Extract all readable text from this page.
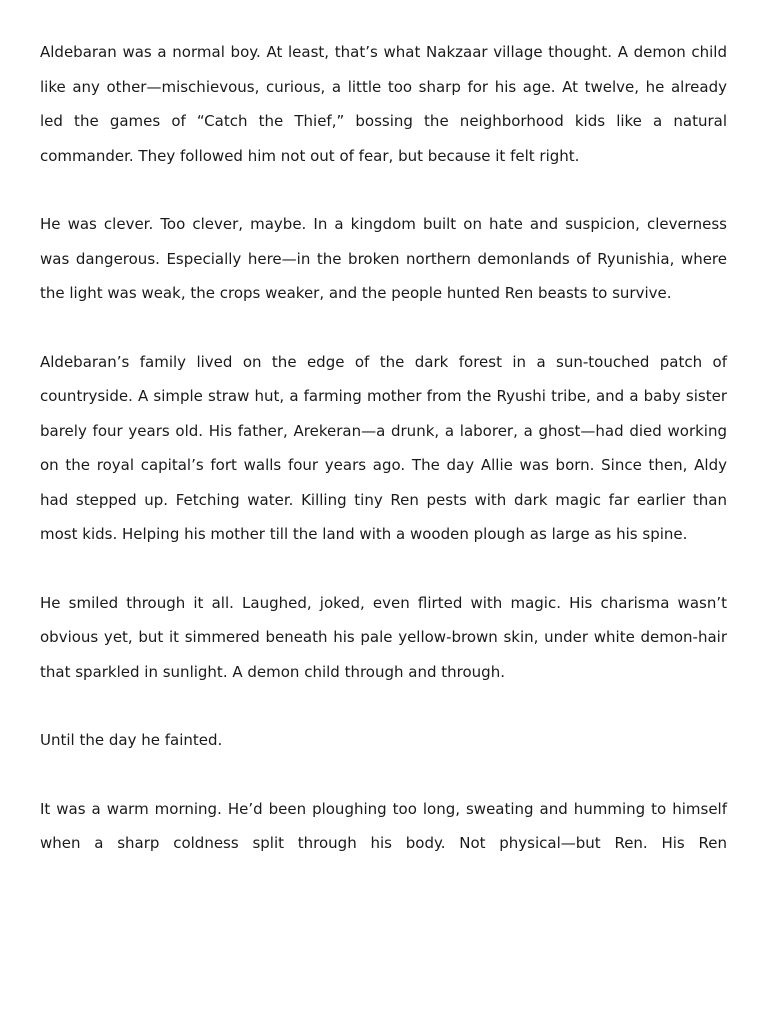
Aldebaran was a normal boy. At least, that’s what Nakzaar village thought. A demon child like any other—mischievous, curious, a little too sharp for his age. At twelve, he already led the games of “Catch the Thief,” bossing the neighborhood kids like a natural commander. They followed him not out of fear, but because it felt right.

He was clever. Too clever, maybe. In a kingdom built on hate and suspicion, cleverness was dangerous. Especially here—in the broken northern demonlands of Ryunishia, where the light was weak, the crops weaker, and the people hunted Ren beasts to survive.

Aldebaran’s family lived on the edge of the dark forest in a sun-touched patch of countryside. A simple straw hut, a farming mother from the Ryushi tribe, and a baby sister barely four years old. His father, Arekeran—a drunk, a laborer, a ghost—had died working on the royal capital’s fort walls four years ago. The day Allie was born. Since then, Aldy had stepped up. Fetching water. Killing tiny Ren pests with dark magic far earlier than most kids. Helping his mother till the land with a wooden plough as large as his spine.

He smiled through it all. Laughed, joked, even flirted with magic. His charisma wasn’t obvious yet, but it simmered beneath his pale yellow-brown skin, under white demon-hair that sparkled in sunlight. A demon child through and through.

Until the day he fainted.

It was a warm morning. He’d been ploughing too long, sweating and humming to himself when a sharp coldness split through his body. Not physical—but Ren. His Ren
